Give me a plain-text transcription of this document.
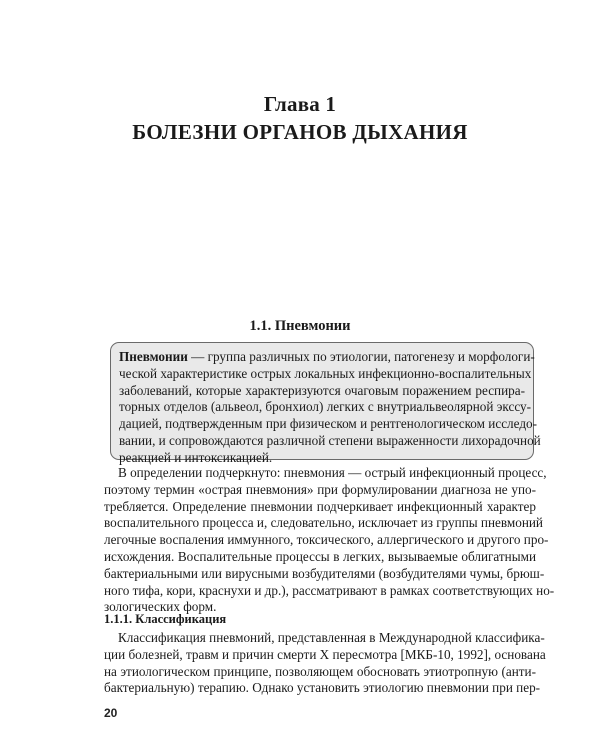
Глава 1
БОЛЕЗНИ ОРГАНОВ ДЫХАНИЯ
1.1. Пневмонии
Пневмонии — группа различных по этиологии, патогенезу и морфологи-
ческой характеристике острых локальных инфекционно-воспалительных
заболеваний, которые характеризуются очаговым поражением респира-
торных отделов (альвеол, бронхиол) легких с внутриальвеолярной экссу-
дацией, подтвержденным при физическом и рентгенологическом исследо-
вании, и сопровождаются различной степени выраженности лихорадочной
реакцией и интоксикацией.
В определении подчеркнуто: пневмония — острый инфекционный процесс,
поэтому термин «острая пневмония» при формулировании диагноза не упо-
требляется. Определение пневмонии подчеркивает инфекционный характер
воспалительного процесса и, следовательно, исключает из группы пневмоний
легочные воспаления иммунного, токсического, аллергического и другого про-
исхождения. Воспалительные процессы в легких, вызываемые облигатными
бактериальными или вирусными возбудителями (возбудителями чумы, брюш-
ного тифа, кори, краснухи и др.), рассматривают в рамках соответствующих но-
зологических форм.
1.1.1. Классификация
Классификация пневмоний, представленная в Международной классифика-
ции болезней, травм и причин смерти X пересмотра [МКБ-10, 1992], основана
на этиологическом принципе, позволяющем обосновать этиотропную (анти-
бактериальную) терапию. Однако установить этиологию пневмонии при пер-
20
